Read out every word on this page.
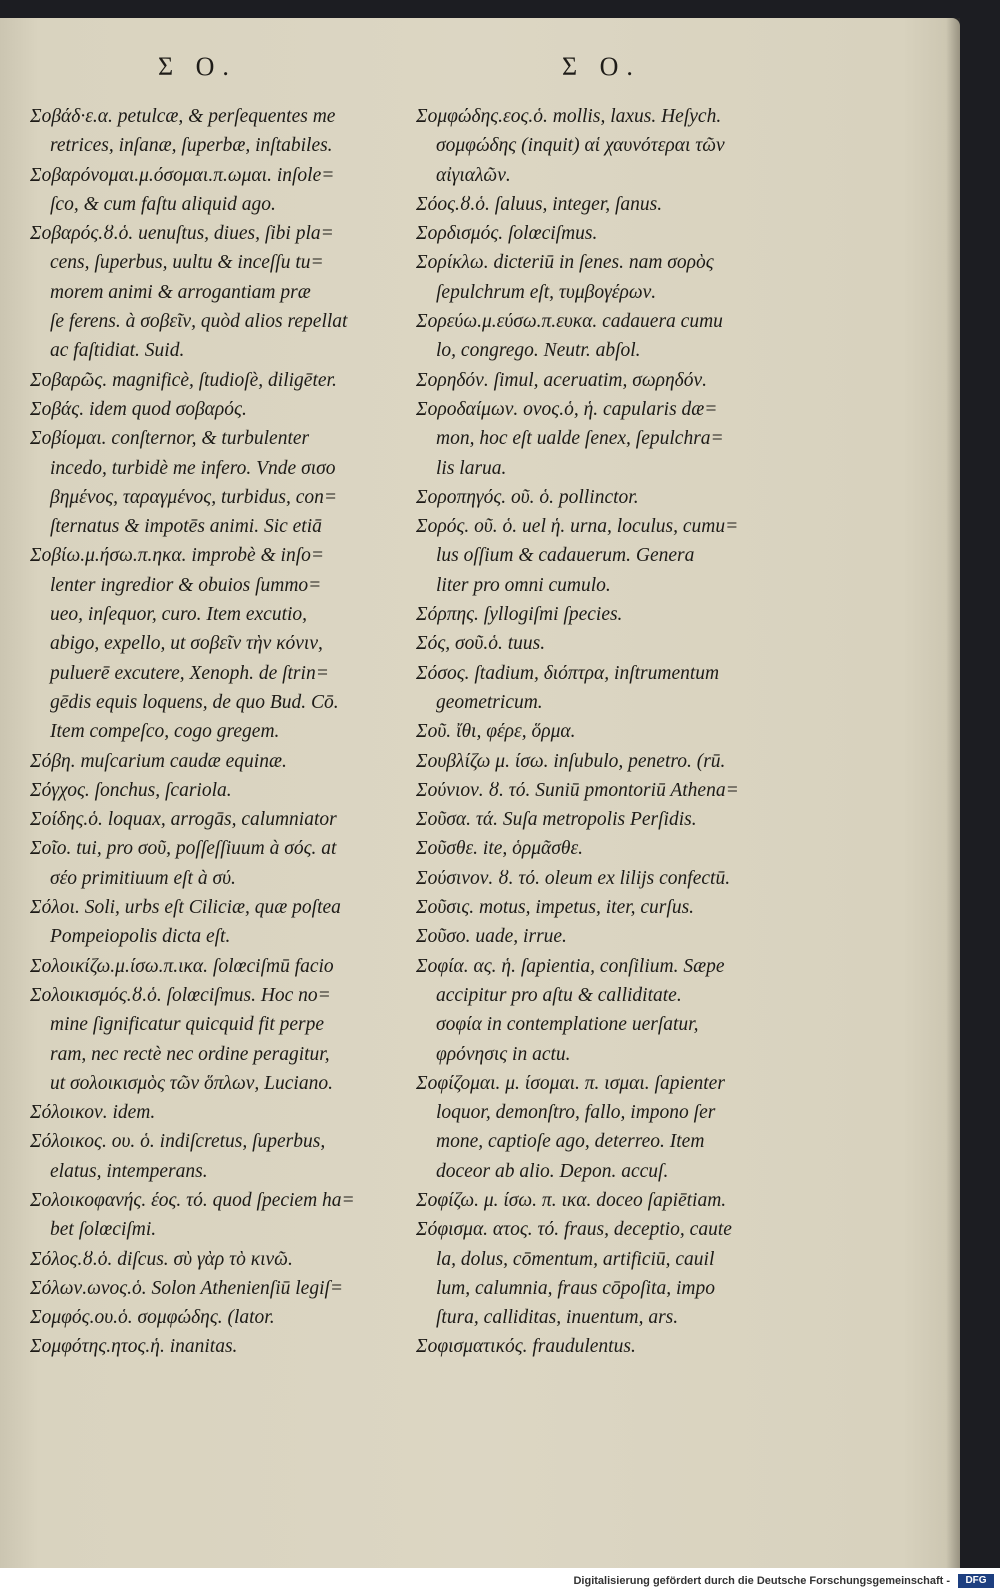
Σ Ο.	Σ Ο.
Σοβάδ·ε.α. petulcæ, & perſequentes me
retrices, inſanæ, ſuperbæ, inſtabiles.
Σοβαρόνομαι.μ.όσομαι.π.ωμαι. inſole=
ſco, & cum faſtu aliquid ago.
Σοβαρός.ȣ.ὁ. uenuſtus, diues, ſibi pla=
cens, ſuperbus, uultu & inceſſu tu=
morem animi & arrogantiam præ
ſe ferens. à σοβεῖν, quòd alios repellat
ac faſtidiat. Suid.
Σοβαρῶς. magnificè, ſtudioſè, diligēter.
Σοβάς. idem quod σοβαρός.
Σοβίομαι. conſternor, & turbulenter
incedo, turbidè me infero. Vnde σισο
βημένος, ταραγμένος, turbidus, con=
ſternatus & impotēs animi. Sic etiā
Σοβίω.μ.ήσω.π.ηκα. improbè & inſo=
lenter ingredior & obuios ſummo=
ueo, inſequor, curo. Item excutio,
abigo, expello, ut σοβεῖν τὴν κόνιν,
puluerē excutere, Xenoph. de ſtrin=
gēdis equis loquens, de quo Bud. Cō.
Item compeſco, cogo gregem.
Σόβη. muſcarium caudæ equinæ.
Σόγχος. ſonchus, ſcariola.
Σοίδης.ὁ. loquax, arrogās, calumniator
Σοῖο. tui, pro σοῦ, poſſeſſiuum à σός. at
σέο primitiuum eſt à σύ.
Σόλοι. Soli, urbs eſt Ciliciæ, quæ poſtea
Pompeiopolis dicta eſt.
Σολοικίζω.μ.ίσω.π.ικα. ſolœciſmū facio
Σολοικισμός.ȣ.ὁ. ſolœciſmus. Hoc no=
mine ſignificatur quicquid fit perpe
ram, nec rectè nec ordine peragitur,
ut σολοικισμὸς τῶν ὅπλων, Luciano.
Σόλοικον. idem.
Σόλοικος. ου. ὁ. indiſcretus, ſuperbus,
elatus, intemperans.
Σολοικοφανής. έος. τό. quod ſpeciem ha=
bet ſolœciſmi.
Σόλος.ȣ.ὁ. diſcus. σὺ γὰρ τὸ κινῶ.
Σόλων.ωνος.ὁ. Solon Athenienſiū legiſ=
Σομφός.ου.ὁ. σομφώδης. (lator.
Σομφότης.ητος.ἡ. inanitas.
Σομφώδης.εος.ὁ. mollis, laxus. Heſych.
σομφώδης (inquit) αἱ χαυνότεραι τῶν
αἰγιαλῶν.
Σόος.ȣ.ὁ. ſaluus, integer, ſanus.
Σορδισμός. ſolœciſmus.
Σορίκλω. dicteriū in ſenes. nam σορὸς
ſepulchrum eſt, τυμβογέρων.
Σορεύω.μ.εύσω.π.ευκα. cadauera cumu
lo, congrego. Neutr. abſol.
Σορηδόν. ſimul, aceruatim, σωρηδόν.
Σοροδαίμων. ονος.ὁ, ἡ. capularis dæ=
mon, hoc eſt ualde ſenex, ſepulchra=
lis larua.
Σοροπηγός. οῦ. ὁ. pollinctor.
Σορός. οῦ. ὁ. uel ἡ. urna, loculus, cumu=
lus oſſium & cadauerum. Genera
liter pro omni cumulo.
Σόρπης. ſyllogiſmi ſpecies.
Σός, σοῦ.ὁ. tuus.
Σόσος. ſtadium, διόπτρα, inſtrumentum
geometricum.
Σοῦ. ἴθι, φέρε, ὅρμα.
Σουβλίζω μ. ίσω. inſubulo, penetro. (rū.
Σούνιον. ȣ. τό. Suniū pmontoriū Athena=
Σοῦσα. τά. Suſa metropolis Perſidis.
Σοῦσθε. ite, ὁρμᾶσθε.
Σούσινον. ȣ. τό. oleum ex lilijs confectū.
Σοῦσις. motus, impetus, iter, curſus.
Σοῦσο. uade, irrue.
Σοφία. ας. ἡ. ſapientia, conſilium. Sæpe
accipitur pro aſtu & calliditate.
σοφία in contemplatione uerſatur,
φρόνησις in actu.
Σοφίζομαι. μ. ίσομαι. π. ισμαι. ſapienter
loquor, demonſtro, fallo, impono ſer
mone, captioſe ago, deterreo. Item
doceor ab alio. Depon. accuſ.
Σοφίζω. μ. ίσω. π. ικα. doceo ſapiētiam.
Σόφισμα. ατος. τό. fraus, deceptio, caute
la, dolus, cōmentum, artificiū, cauil
lum, calumnia, fraus cōpoſita, impo
ſtura, calliditas, inuentum, ars.
Σοφισματικός. fraudulentus.
Digitalisierung gefördert durch die Deutsche Forschungsgemeinschaft -	DFG
